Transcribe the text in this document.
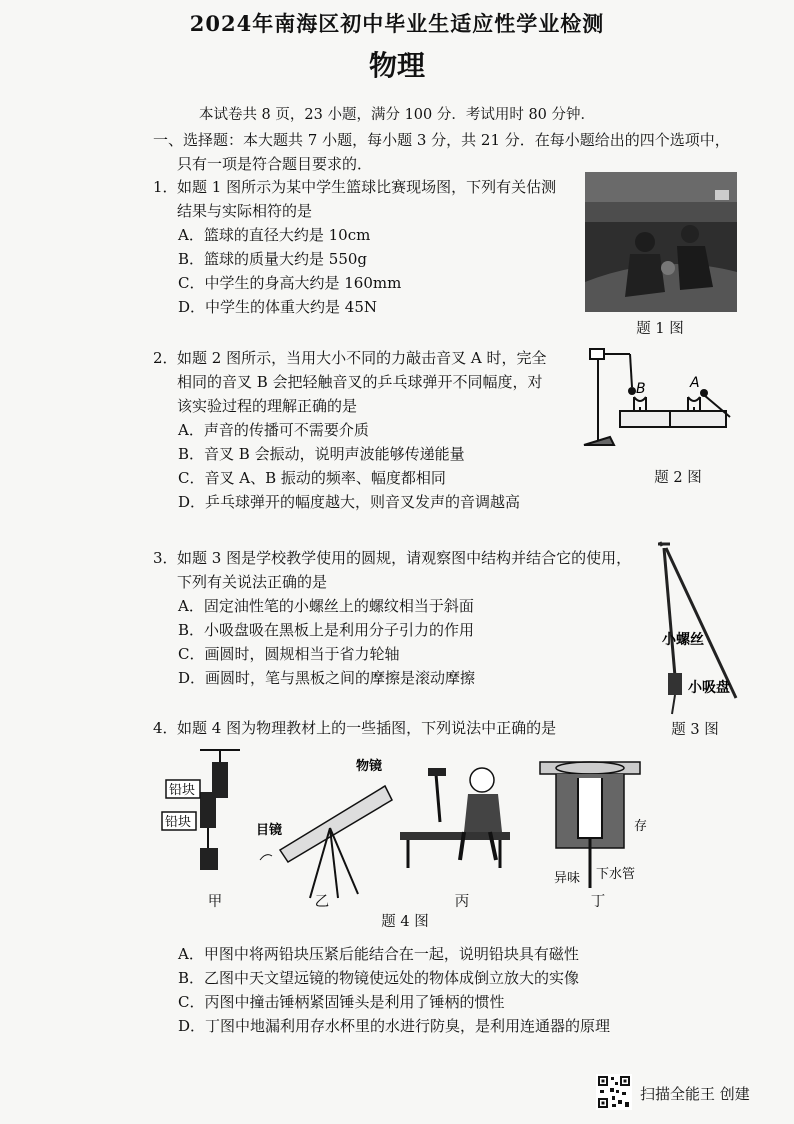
2024年南海区初中毕业生适应性学业检测
物理
本试卷共 8 页，23 小题，满分 100 分．考试用时 80 分钟．
一、选择题：本大题共 7 小题，每小题 3 分，共 21 分．在每小题给出的四个选项中，
只有一项是符合题目要求的．
1．如题 1 图所示为某中学生篮球比赛现场图，下列有关估测
结果与实际相符的是
A．篮球的直径大约是 10cm
B．篮球的质量大约是 550g
C．中学生的身高大约是 160mm
D．中学生的体重大约是 45N
题 1 图
2．如题 2 图所示，当用大小不同的力敲击音叉 A 时，完全
相同的音叉 B 会把轻触音叉的乒乓球弹开不同幅度，对
该实验过程的理解正确的是
A．声音的传播可不需要介质
B．音叉 B 会振动，说明声波能够传递能量
C．音叉 A、B 振动的频率、幅度都相同
D．乒乓球弹开的幅度越大，则音叉发声的音调越高
B	A
题 2 图
3．如题 3 图是学校教学使用的圆规，请观察图中结构并结合它的使用，
下列有关说法正确的是
A．固定油性笔的小螺丝上的螺纹相当于斜面
B．小吸盘吸在黑板上是利用分子引力的作用
C．画圆时，圆规相当于省力轮轴
D．画圆时，笔与黑板之间的摩擦是滚动摩擦
小螺丝
小吸盘
题 3 图
4．如题 4 图为物理教材上的一些插图，下列说法中正确的是
铅块
铅块
物镜
目镜	存
异味 下水管
甲	乙	丙	丁
题 4 图
A．甲图中将两铅块压紧后能结合在一起，说明铅块具有磁性
B．乙图中天文望远镜的物镜使远处的物体成倒立放大的实像
C．丙图中撞击锤柄紧固锤头是利用了锤柄的惯性
D．丁图中地漏利用存水杯里的水进行防臭，是利用连通器的原理
扫描全能王 创建
